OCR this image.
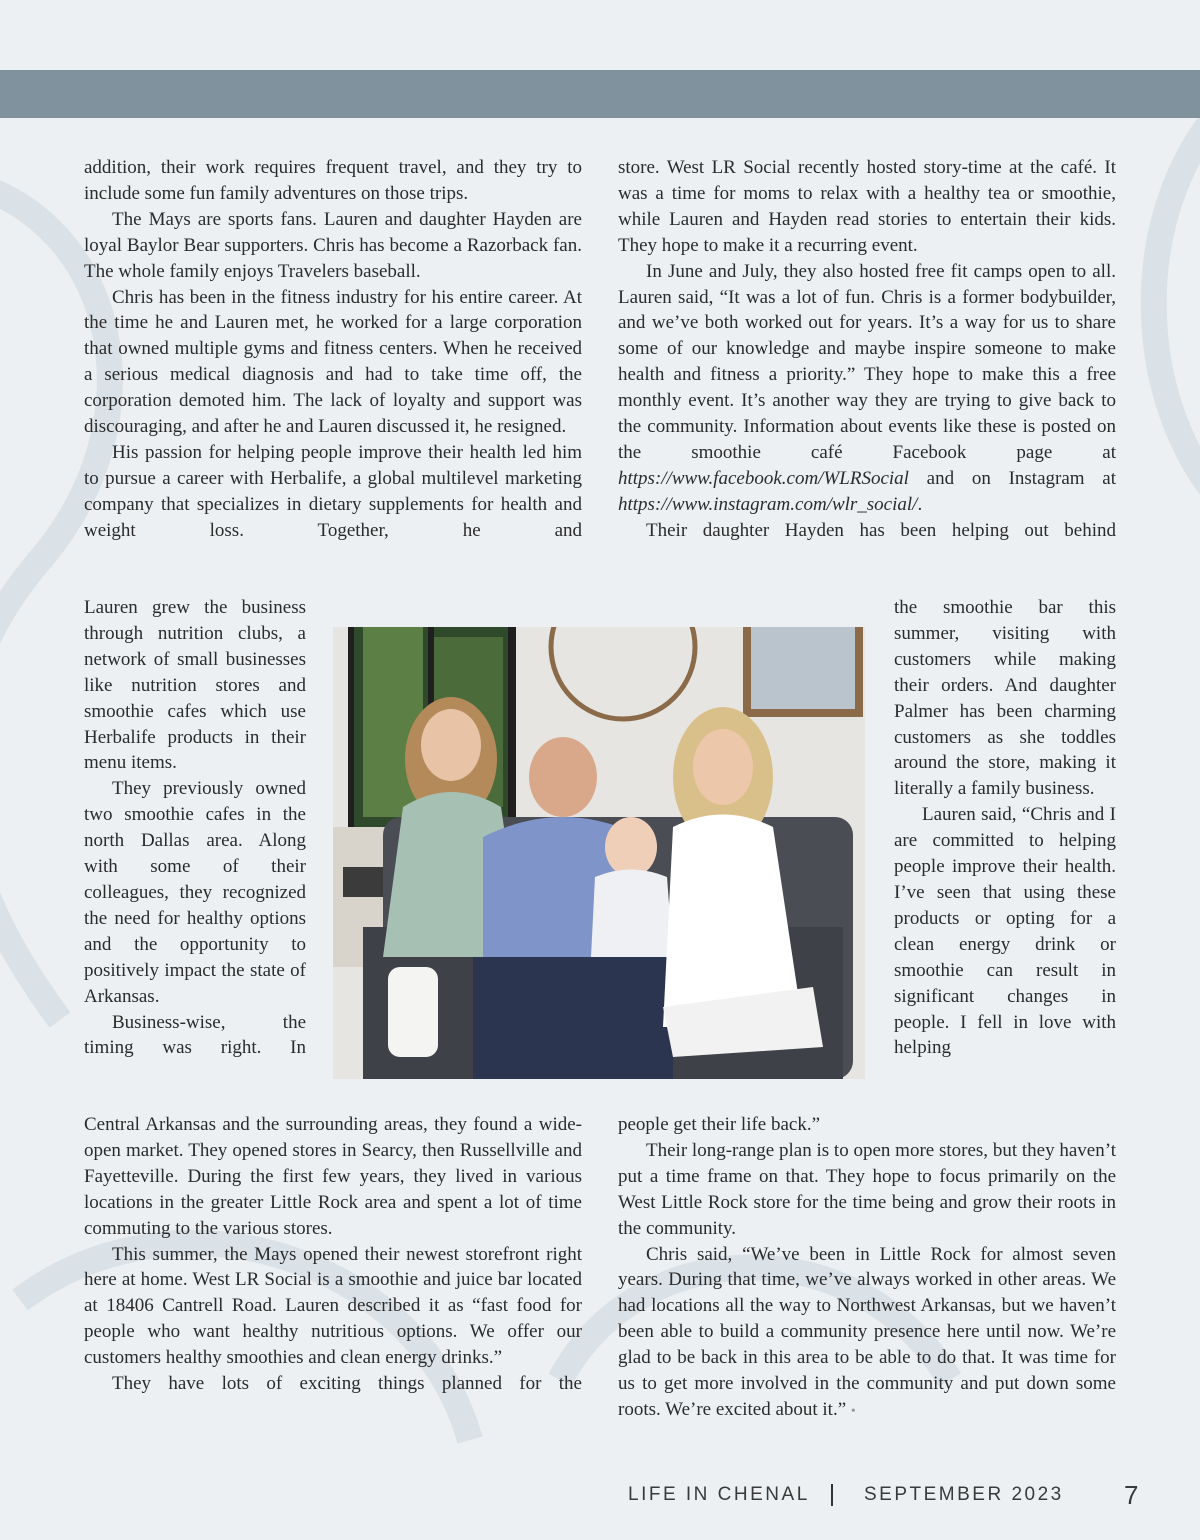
addition, their work requires frequent travel, and they try to include some fun family adventures on those trips.

The Mays are sports fans. Lauren and daughter Hayden are loyal Baylor Bear supporters. Chris has become a Razorback fan. The whole family enjoys Travelers baseball.

Chris has been in the fitness industry for his entire career. At the time he and Lauren met, he worked for a large corporation that owned multiple gyms and fitness centers. When he received a serious medical diagnosis and had to take time off, the corporation demoted him. The lack of loyalty and support was discouraging, and after he and Lauren discussed it, he resigned.

His passion for helping people improve their health led him to pursue a career with Herbalife, a global multilevel marketing company that specializes in dietary supplements for health and weight loss. Together, he and

Lauren grew the business through nutrition clubs, a network of small businesses like nutrition stores and smoothie cafes which use Herbalife products in their menu items.

They previously owned two smoothie cafes in the north Dallas area. Along with some of their colleagues, they recognized the need for healthy options and the opportunity to positively impact the state of Arkansas.

Business-wise, the timing was right. In

Central Arkansas and the surrounding areas, they found a wide-open market. They opened stores in Searcy, then Russellville and Fayetteville. During the first few years, they lived in various locations in the greater Little Rock area and spent a lot of time commuting to the various stores.

This summer, the Mays opened their newest storefront right here at home. West LR Social is a smoothie and juice bar located at 18406 Cantrell Road. Lauren described it as “fast food for people who want healthy nutritious options. We offer our customers healthy smoothies and clean energy drinks.”

They have lots of exciting things planned for the

store. West LR Social recently hosted story-time at the café. It was a time for moms to relax with a healthy tea or smoothie, while Lauren and Hayden read stories to entertain their kids. They hope to make it a recurring event.

In June and July, they also hosted free fit camps open to all. Lauren said, “It was a lot of fun. Chris is a former bodybuilder, and we’ve both worked out for years. It’s a way for us to share some of our knowledge and maybe inspire someone to make health and fitness a priority.” They hope to make this a free monthly event. It’s another way they are trying to give back to the community. Information about events like these is posted on the smoothie café Facebook page at https://www.facebook.com/WLRSocial and on Instagram at https://www.instagram.com/wlr_social/.

Their daughter Hayden has been helping out behind

the smoothie bar this summer, visiting with customers while making their orders. And daughter Palmer has been charming customers as she toddles around the store, making it literally a family business.

Lauren said, “Chris and I are committed to helping people improve their health. I’ve seen that using these products or opting for a clean energy drink or smoothie can result in significant changes in people. I fell in love with helping

people get their life back.”

Their long-range plan is to open more stores, but they haven’t put a time frame on that. They hope to focus primarily on the West Little Rock store for the time being and grow their roots in the community.

Chris said, “We’ve been in Little Rock for almost seven years. During that time, we’ve always worked in other areas. We had locations all the way to Northwest Arkansas, but we haven’t been able to build a community presence here until now. We’re glad to be back in this area to be able to do that. It was time for us to get more involved in the community and put down some roots. We’re excited about it.” •

LIFE IN CHENAL	SEPTEMBER 2023 7
